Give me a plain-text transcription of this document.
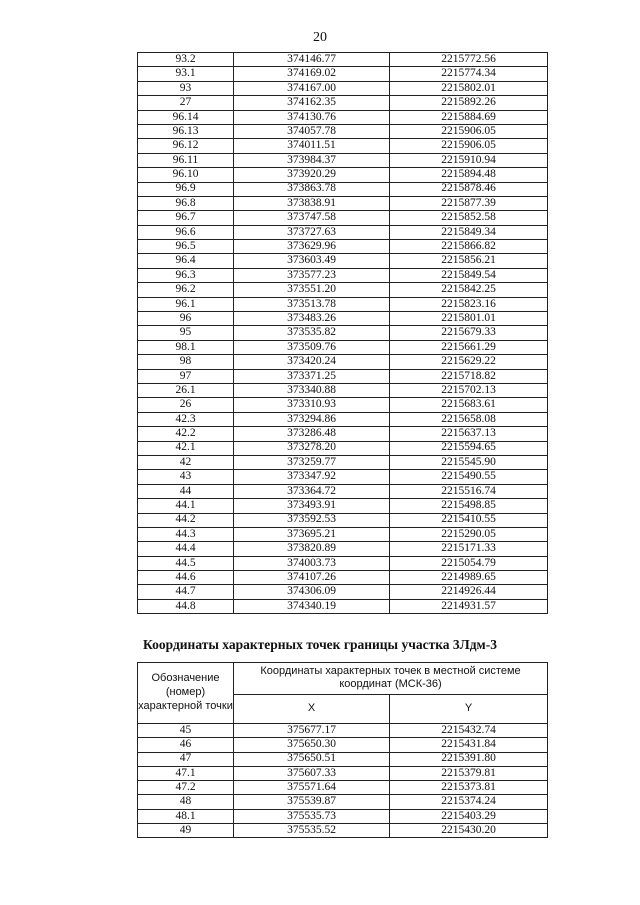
20
93.2	374146.77	2215772.56
93.1	374169.02	2215774.34
93	374167.00	2215802.01
27	374162.35	2215892.26
96.14	374130.76	2215884.69
96.13	374057.78	2215906.05
96.12	374011.51	2215906.05
96.11	373984.37	2215910.94
96.10	373920.29	2215894.48
96.9	373863.78	2215878.46
96.8	373838.91	2215877.39
96.7	373747.58	2215852.58
96.6	373727.63	2215849.34
96.5	373629.96	2215866.82
96.4	373603.49	2215856.21
96.3	373577.23	2215849.54
96.2	373551.20	2215842.25
96.1	373513.78	2215823.16
96	373483.26	2215801.01
95	373535.82	2215679.33
98.1	373509.76	2215661.29
98	373420.24	2215629.22
97	373371.25	2215718.82
26.1	373340.88	2215702.13
26	373310.93	2215683.61
42.3	373294.86	2215658.08
42.2	373286.48	2215637.13
42.1	373278.20	2215594.65
42	373259.77	2215545.90
43	373347.92	2215490.55
44	373364.72	2215516.74
44.1	373493.91	2215498.85
44.2	373592.53	2215410.55
44.3	373695.21	2215290.05
44.4	373820.89	2215171.33
44.5	374003.73	2215054.79
44.6	374107.26	2214989.65
44.7	374306.09	2214926.44
44.8	374340.19	2214931.57
Координаты характерных точек границы участка 3Лдм-3
Обозначение (номер) характерной точки	Координаты характерных точек в местной системе координат (МСК-36)	
	X	Y
45	375677.17	2215432.74
46	375650.30	2215431.84
47	375650.51	2215391.80
47.1	375607.33	2215379.81
47.2	375571.64	2215373.81
48	375539.87	2215374.24
48.1	375535.73	2215403.29
49	375535.52	2215430.20
